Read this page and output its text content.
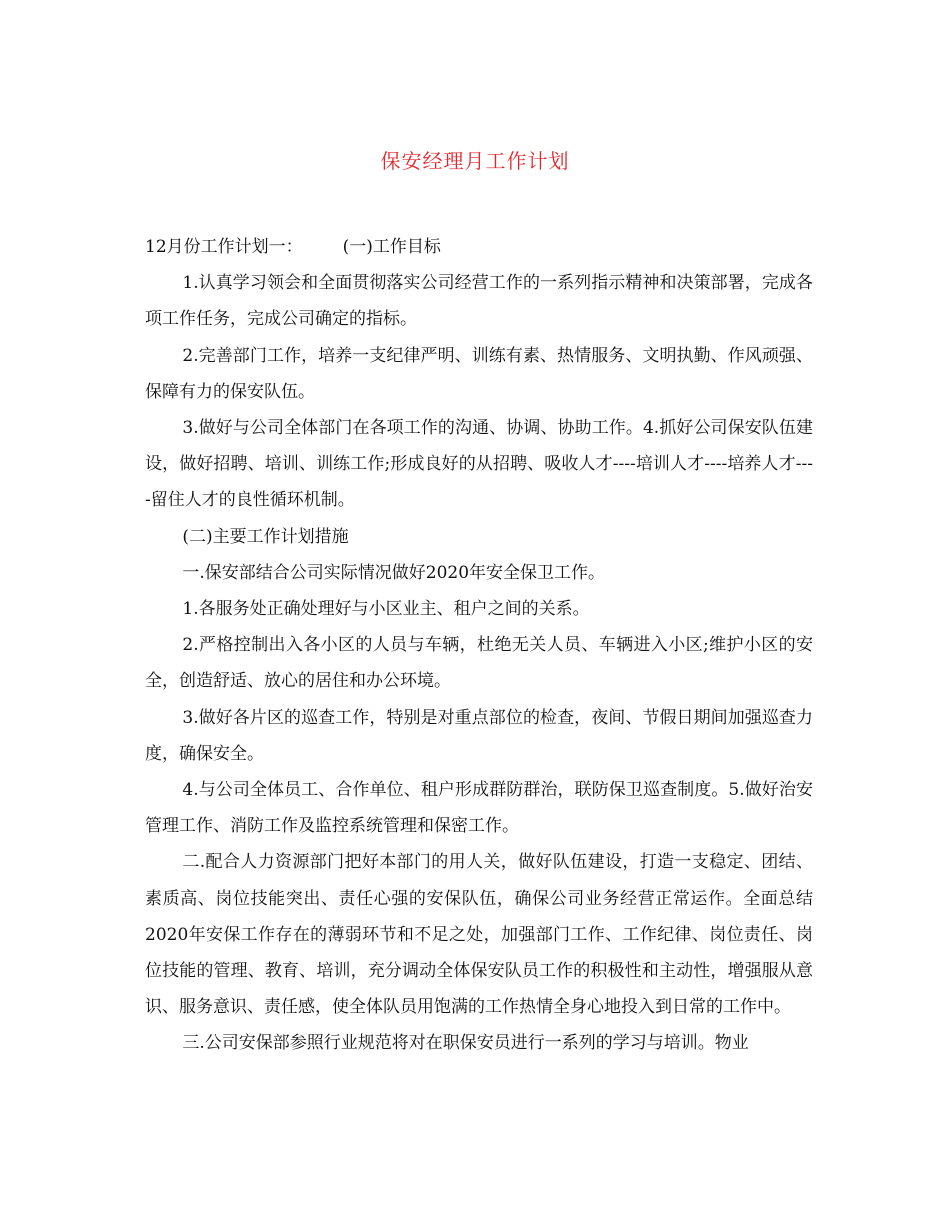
保安经理月工作计划

12月份工作计划一： (一)工作目标

1.认真学习领会和全面贯彻落实公司经营工作的一系列指示精神和决策部署，完成各项工作任务，完成公司确定的指标。

2.完善部门工作，培养一支纪律严明、训练有素、热情服务、文明执勤、作风顽强、保障有力的保安队伍。

3.做好与公司全体部门在各项工作的沟通、协调、协助工作。4.抓好公司保安队伍建设，做好招聘、培训、训练工作;形成良好的从招聘、吸收人才----培训人才----培养人才----留住人才的良性循环机制。

(二)主要工作计划措施

一.保安部结合公司实际情况做好2020年安全保卫工作。

1.各服务处正确处理好与小区业主、租户之间的关系。

2.严格控制出入各小区的人员与车辆，杜绝无关人员、车辆进入小区;维护小区的安全，创造舒适、放心的居住和办公环境。

3.做好各片区的巡查工作，特别是对重点部位的检查，夜间、节假日期间加强巡查力度，确保安全。

4.与公司全体员工、合作单位、租户形成群防群治，联防保卫巡查制度。5.做好治安管理工作、消防工作及监控系统管理和保密工作。

二.配合人力资源部门把好本部门的用人关，做好队伍建设，打造一支稳定、团结、素质高、岗位技能突出、责任心强的安保队伍，确保公司业务经营正常运作。全面总结2020年安保工作存在的薄弱环节和不足之处，加强部门工作、工作纪律、岗位责任、岗位技能的管理、教育、培训，充分调动全体保安队员工作的积极性和主动性，增强服从意识、服务意识、责任感，使全体队员用饱满的工作热情全身心地投入到日常的工作中。

三.公司安保部参照行业规范将对在职保安员进行一系列的学习与培训。物业
